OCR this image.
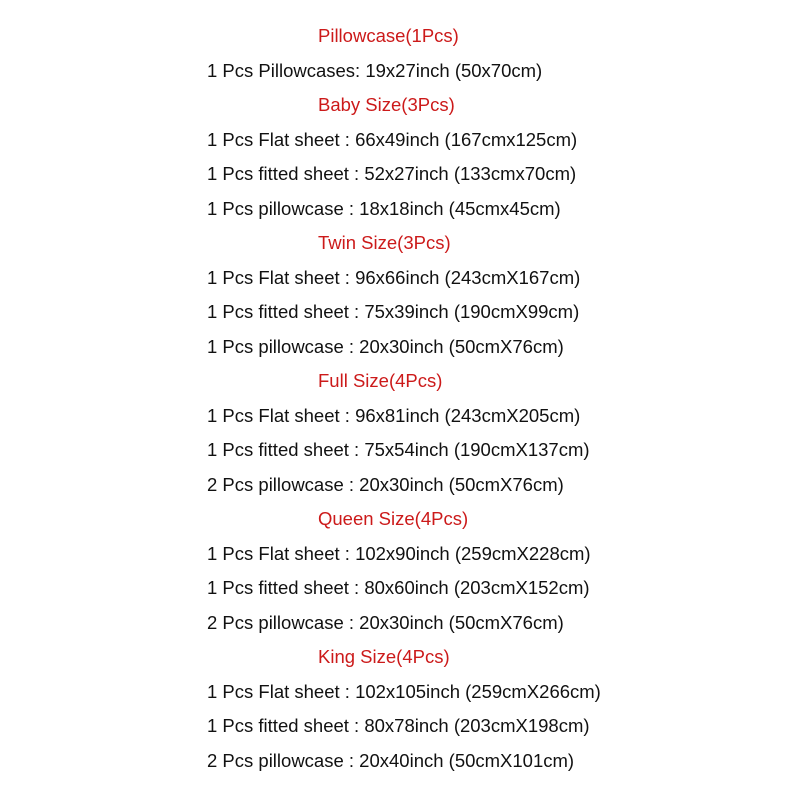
Pillowcase(1Pcs)
1 Pcs Pillowcases: 19x27inch (50x70cm)
Baby Size(3Pcs)
1 Pcs Flat sheet : 66x49inch (167cmx125cm)
1 Pcs fitted sheet : 52x27inch (133cmx70cm)
1 Pcs pillowcase : 18x18inch (45cmx45cm)
Twin Size(3Pcs)
1 Pcs Flat sheet : 96x66inch (243cmX167cm)
1 Pcs fitted sheet : 75x39inch (190cmX99cm)
1 Pcs pillowcase : 20x30inch (50cmX76cm)
Full Size(4Pcs)
1 Pcs Flat sheet : 96x81inch (243cmX205cm)
1 Pcs fitted sheet : 75x54inch (190cmX137cm)
2 Pcs pillowcase : 20x30inch (50cmX76cm)
Queen Size(4Pcs)
1 Pcs Flat sheet : 102x90inch (259cmX228cm)
1 Pcs fitted sheet : 80x60inch (203cmX152cm)
2 Pcs pillowcase : 20x30inch (50cmX76cm)
King Size(4Pcs)
1 Pcs Flat sheet : 102x105inch (259cmX266cm)
1 Pcs fitted sheet : 80x78inch (203cmX198cm)
2 Pcs pillowcase : 20x40inch (50cmX101cm)
